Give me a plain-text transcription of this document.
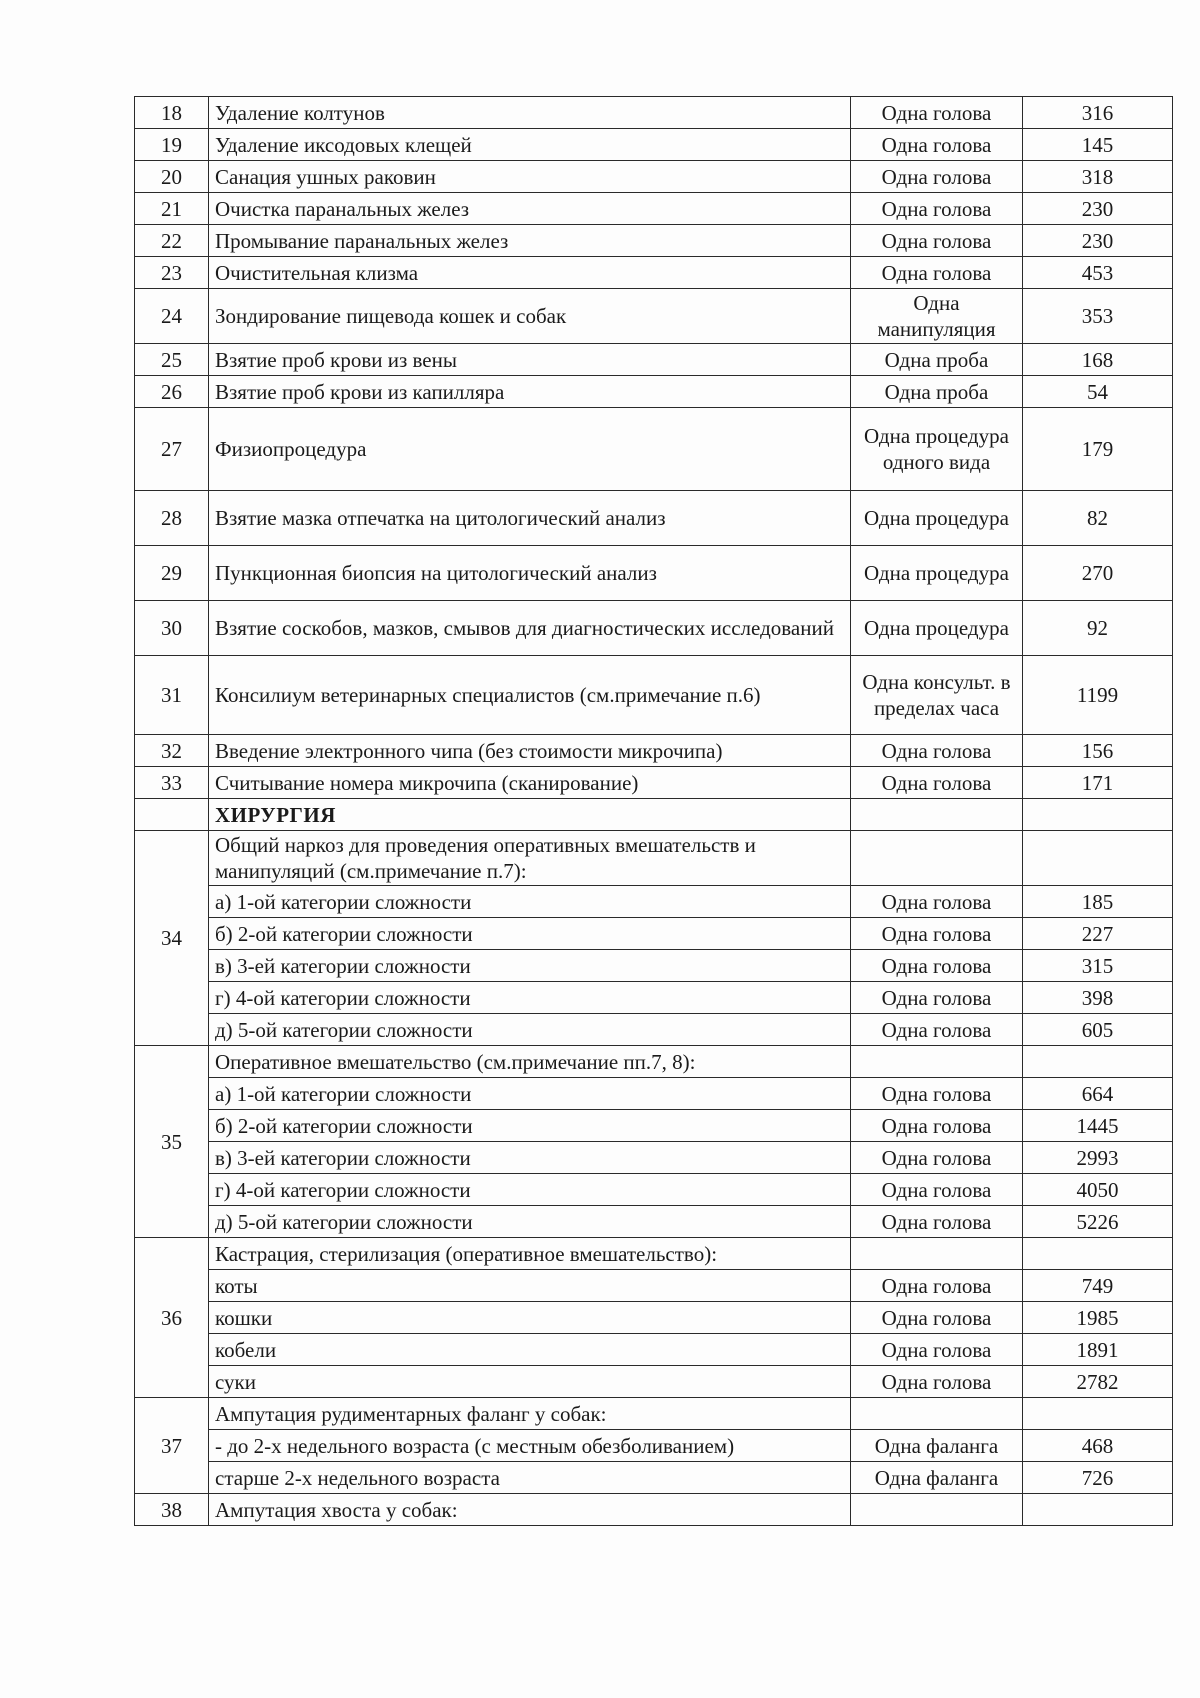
18	Удаление колтунов	Одна голова	316
19	Удаление иксодовых клещей	Одна голова	145
20	Санация ушных раковин	Одна голова	318
21	Очистка паранальных желез	Одна голова	230
22	Промывание паранальных желез	Одна голова	230
23	Очистительная клизма	Одна голова	453
24	Зондирование пищевода кошек и собак	Одна манипуляция	353
25	Взятие проб крови из вены	Одна проба	168
26	Взятие проб крови из капилляра	Одна проба	54
27	Физиопроцедура	Одна процедура одного вида	179
28	Взятие мазка отпечатка на цитологический анализ	Одна процедура	82
29	Пункционная биопсия на цитологический анализ	Одна процедура	270
30	Взятие соскобов, мазков, смывов для диагностических исследований	Одна процедура	92
31	Консилиум ветеринарных специалистов (см.примечание п.6)	Одна консульт. в пределах часа	1199
32	Введение электронного чипа (без стоимости микрочипа)	Одна голова	156
33	Считывание номера микрочипа (сканирование)	Одна голова	171
	ХИРУРГИЯ		
34	Общий наркоз для проведения оперативных вмешательств и манипуляций (см.примечание п.7):		
	а) 1-ой категории сложности	Одна голова	185
	б) 2-ой категории сложности	Одна голова	227
	в) 3-ей категории сложности	Одна голова	315
	г) 4-ой категории сложности	Одна голова	398
	д) 5-ой категории сложности	Одна голова	605
35	Оперативное вмешательство (см.примечание пп.7, 8):		
	а) 1-ой категории сложности	Одна голова	664
	б) 2-ой категории сложности	Одна голова	1445
	в) 3-ей категории сложности	Одна голова	2993
	г) 4-ой категории сложности	Одна голова	4050
	д) 5-ой категории сложности	Одна голова	5226
36	Кастрация, стерилизация (оперативное вмешательство):		
	коты	Одна голова	749
	кошки	Одна голова	1985
	кобели	Одна голова	1891
	суки	Одна голова	2782
37	Ампутация рудиментарных фаланг у собак:		
	- до 2-х недельного возраста (с местным обезболиванием)	Одна фаланга	468
	старше 2-х недельного возраста	Одна фаланга	726
38	Ампутация хвоста у собак:		
